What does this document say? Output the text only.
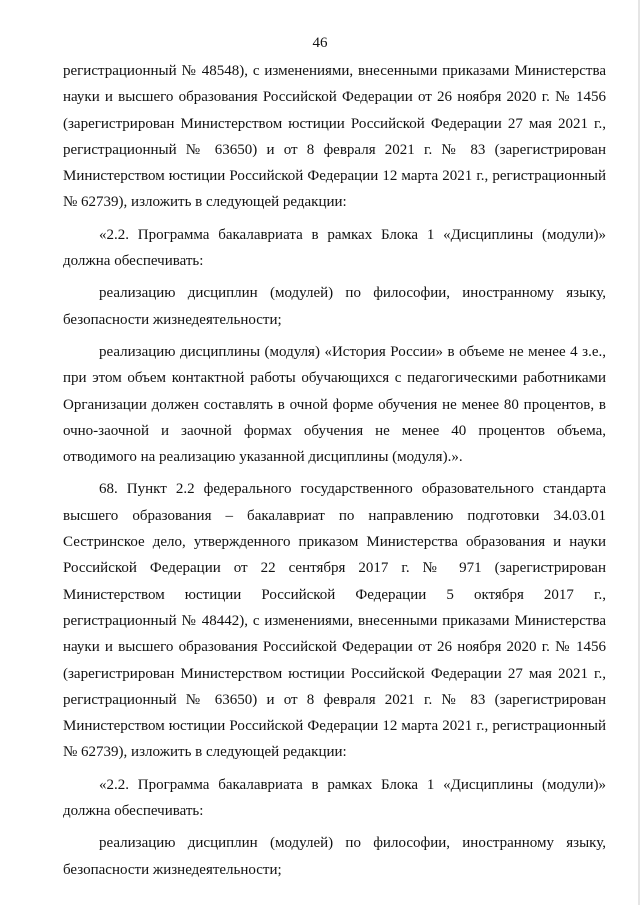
46

регистрационный № 48548), с изменениями, внесенными приказами Министерства науки и высшего образования Российской Федерации от 26 ноября 2020 г. № 1456 (зарегистрирован Министерством юстиции Российской Федерации 27 мая 2021 г., регистрационный № 63650) и от 8 февраля 2021 г. № 83 (зарегистрирован Министерством юстиции Российской Федерации 12 марта 2021 г., регистрационный № 62739), изложить в следующей редакции:

«2.2. Программа бакалавриата в рамках Блока 1 «Дисциплины (модули)» должна обеспечивать:

реализацию дисциплин (модулей) по философии, иностранному языку, безопасности жизнедеятельности;

реализацию дисциплины (модуля) «История России» в объеме не менее 4 з.е., при этом объем контактной работы обучающихся с педагогическими работниками Организации должен составлять в очной форме обучения не менее 80 процентов, в очно-заочной и заочной формах обучения не менее 40 процентов объема, отводимого на реализацию указанной дисциплины (модуля).».

68. Пункт 2.2 федерального государственного образовательного стандарта высшего образования – бакалавриат по направлению подготовки 34.03.01 Сестринское дело, утвержденного приказом Министерства образования и науки Российской Федерации от 22 сентября 2017 г. № 971 (зарегистрирован Министерством юстиции Российской Федерации 5 октября 2017 г., регистрационный № 48442), с изменениями, внесенными приказами Министерства науки и высшего образования Российской Федерации от 26 ноября 2020 г. № 1456 (зарегистрирован Министерством юстиции Российской Федерации 27 мая 2021 г., регистрационный № 63650) и от 8 февраля 2021 г. № 83 (зарегистрирован Министерством юстиции Российской Федерации 12 марта 2021 г., регистрационный № 62739), изложить в следующей редакции:

«2.2. Программа бакалавриата в рамках Блока 1 «Дисциплины (модули)» должна обеспечивать:

реализацию дисциплин (модулей) по философии, иностранному языку, безопасности жизнедеятельности;
